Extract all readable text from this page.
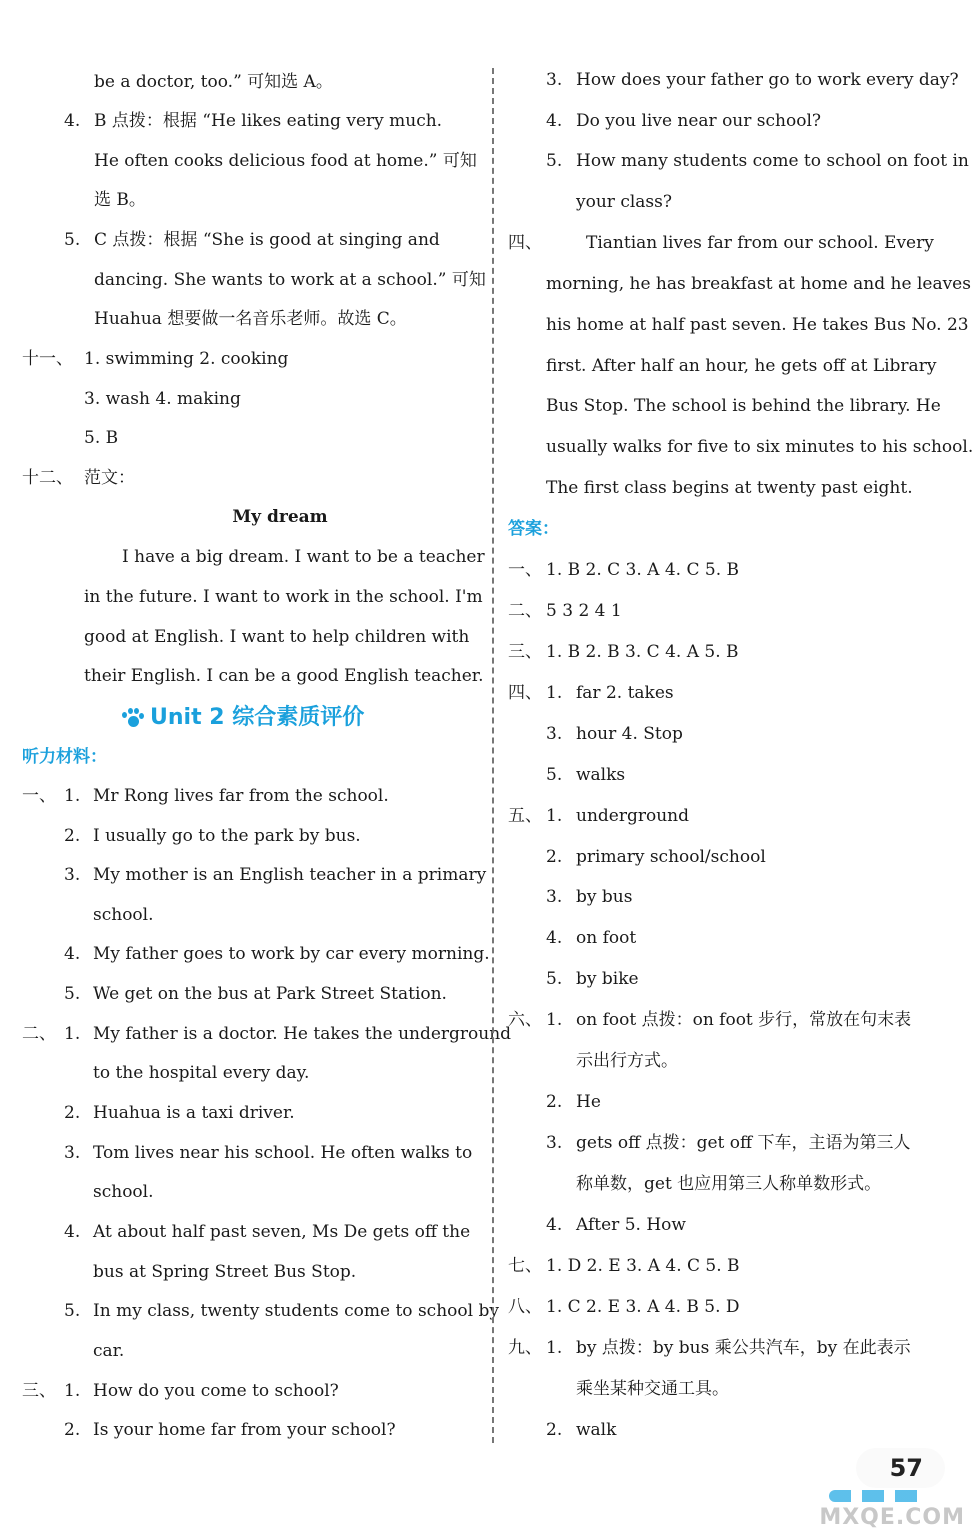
be a doctor, too.” 可知选 A。
4. B 点拨：根据 “He likes eating very much.
He often cooks delicious food at home.” 可知
选 B。
5. C 点拨：根据 “She is good at singing and
dancing. She wants to work at a school.” 可知
Huahua 想要做一名音乐老师。故选 C。
十一、 1. swimming 2. cooking
3. wash 4. making
5. B
十二、 范文：
My dream
I have a big dream. I want to be a teacher
in the future. I want to work in the school. I'm
good at English. I want to help children with
their English. I can be a good English teacher.
Unit 2 综合素质评价
听力材料：
一、 1. Mr Rong lives far from the school.
2. I usually go to the park by bus.
3. My mother is an English teacher in a primary
school.
4. My father goes to work by car every morning.
5. We get on the bus at Park Street Station.
二、 1. My father is a doctor. He takes the underground
to the hospital every day.
2. Huahua is a taxi driver.
3. Tom lives near his school. He often walks to
school.
4. At about half past seven, Ms De gets off the
bus at Spring Street Bus Stop.
5. In my class, twenty students come to school by
car.
三、 1. How do you come to school?
2. Is your home far from your school?
3. How does your father go to work every day?
4. Do you live near our school?
5. How many students come to school on foot in
your class?
四、	Tiantian lives far from our school. Every
morning, he has breakfast at home and he leaves
his home at half past seven. He takes Bus No. 23
first. After half an hour, he gets off at Library
Bus Stop. The school is behind the library. He
usually walks for five to six minutes to his school.
The first class begins at twenty past eight.
答案：
一、 1. B 2. C 3. A 4. C 5. B
二、 5 3 2 4 1
三、 1. B 2. B 3. C 4. A 5. B
四、 1. far 2. takes
3. hour 4. Stop
5. walks
五、 1. underground
2. primary school/school
3. by bus
4. on foot
5. by bike
六、 1. on foot 点拨：on foot 步行，常放在句末表
示出行方式。
2. He
3. gets off 点拨：get off 下车，主语为第三人
称单数，get 也应用第三人称单数形式。
4. After 5. How
七、 1. D 2. E 3. A 4. C 5. B
八、 1. C 2. E 3. A 4. B 5. D
九、 1. by 点拨：by bus 乘公共汽车，by 在此表示
乘坐某种交通工具。
2. walk
57
MXQE.COM
